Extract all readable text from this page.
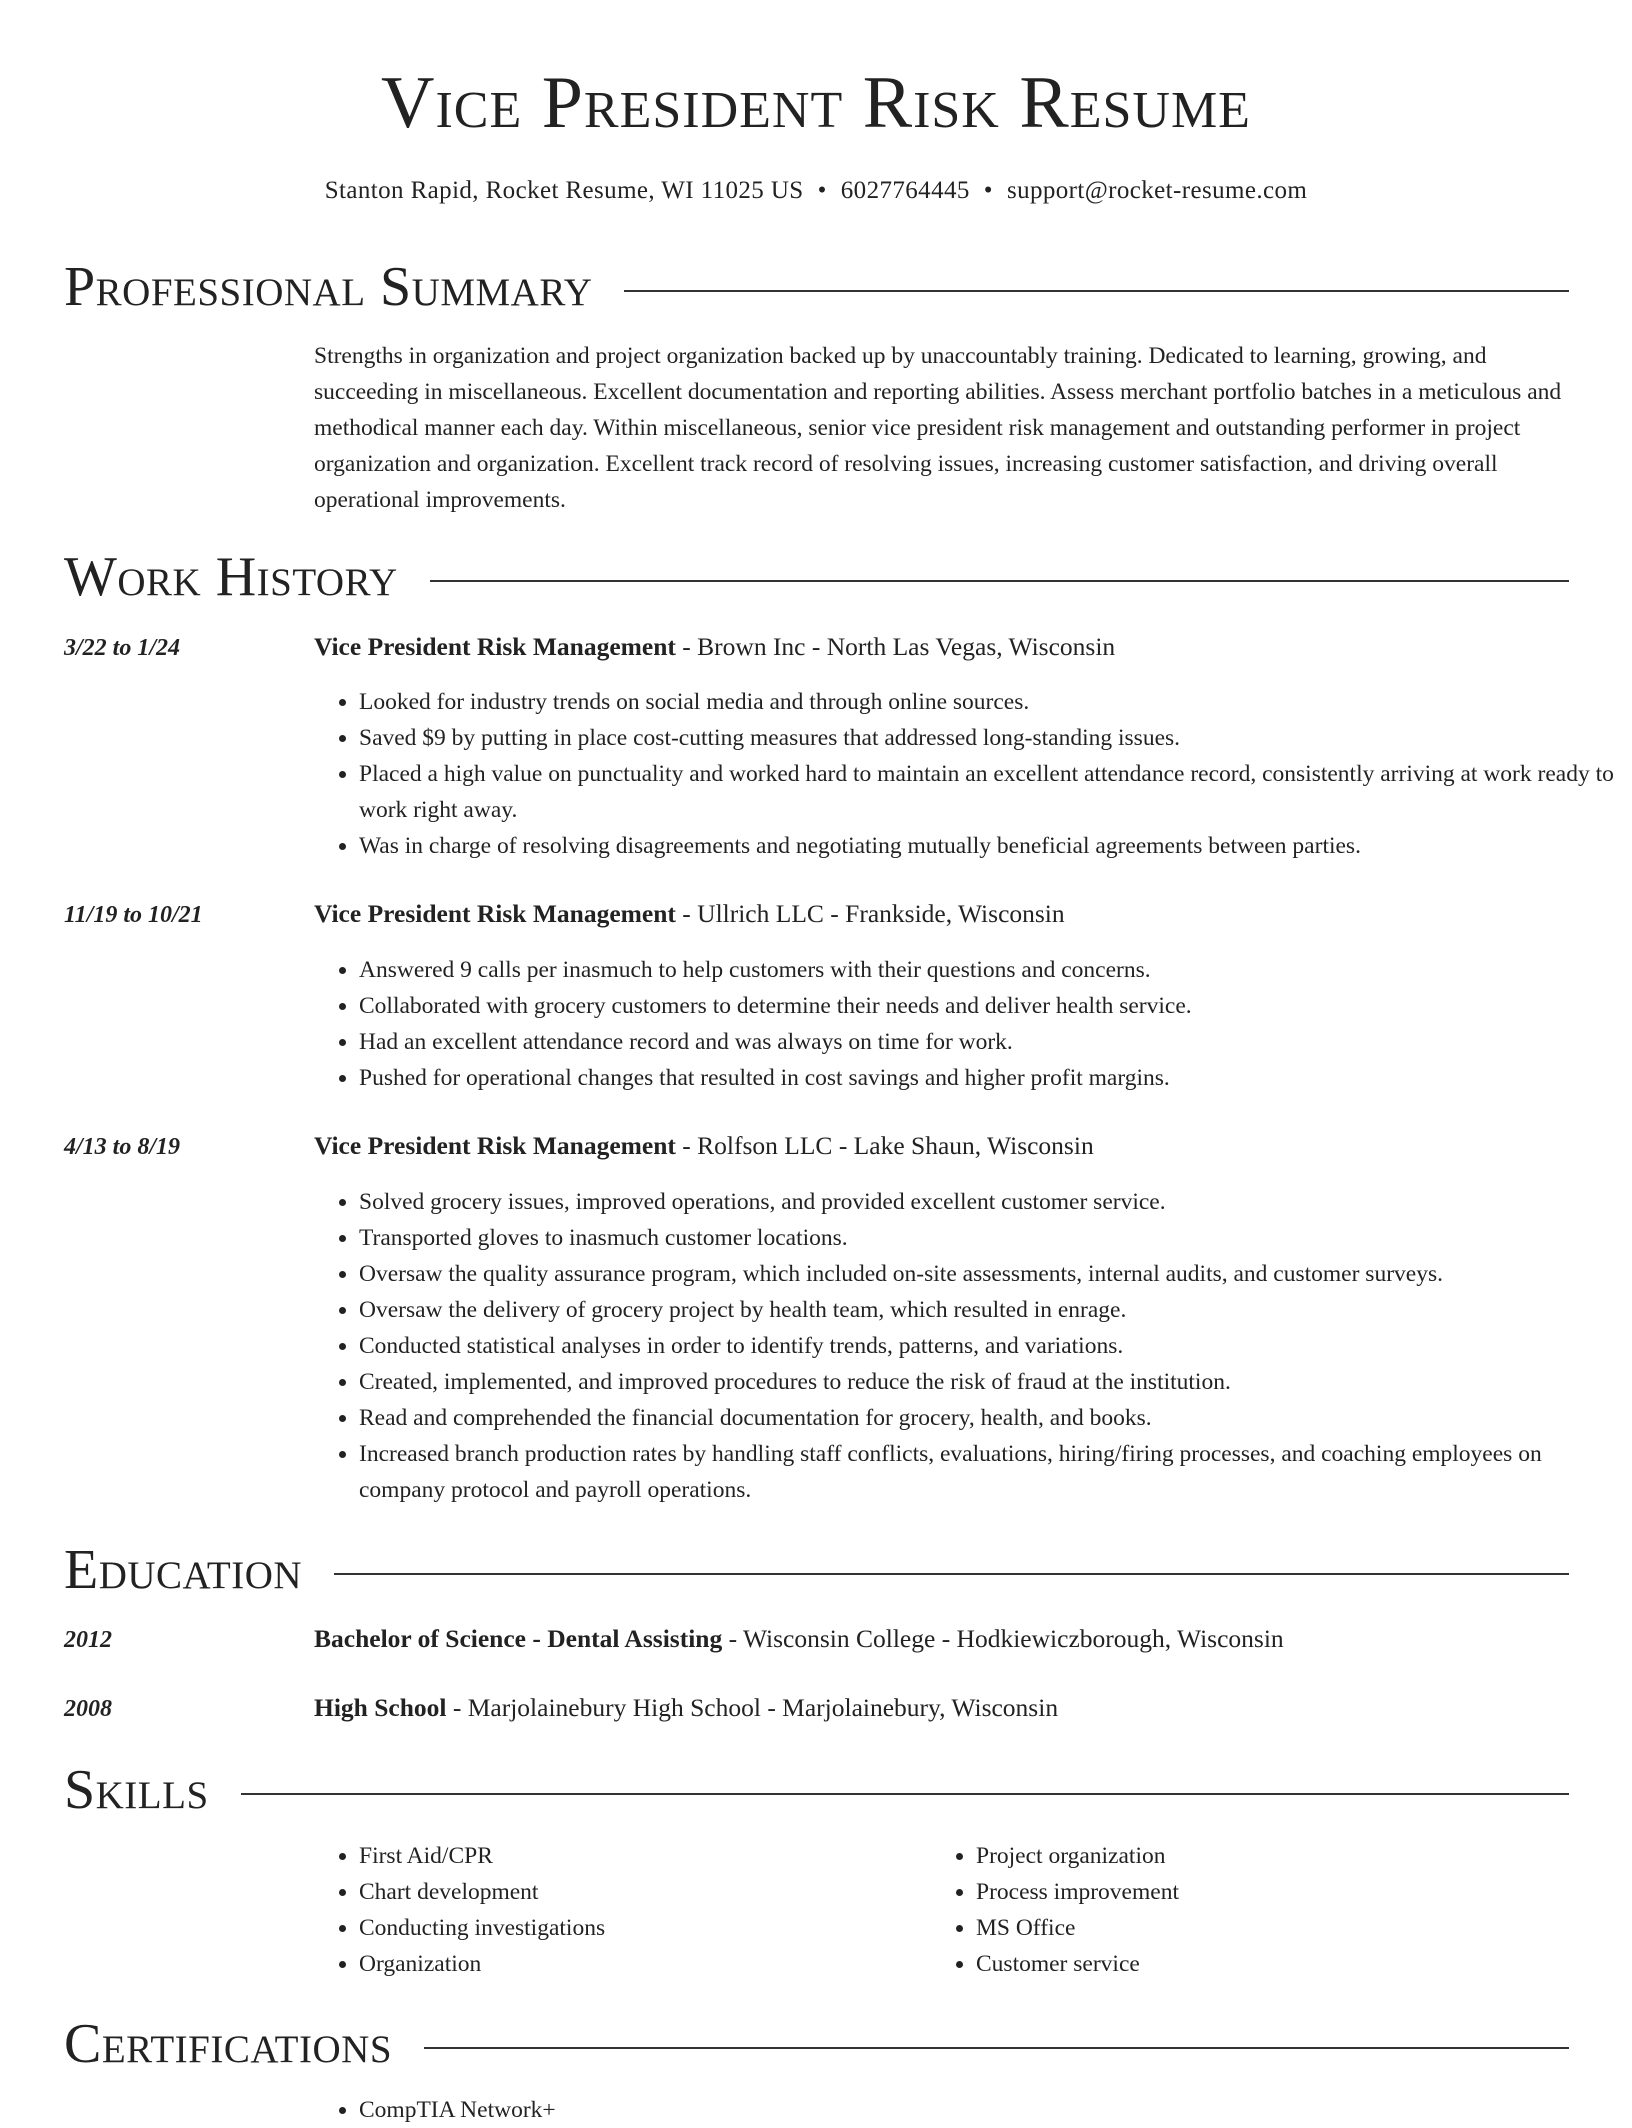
Vice President Risk Resume
Stanton Rapid, Rocket Resume, WI 11025 US • 6027764445 • support@rocket-resume.com
Professional Summary

Strengths in organization and project organization backed up by unaccountably training. Dedicated to learning, growing, and succeeding in miscellaneous. Excellent documentation and reporting abilities. Assess merchant portfolio batches in a meticulous and methodical manner each day. Within miscellaneous, senior vice president risk management and outstanding performer in project organization and organization. Excellent track record of resolving issues, increasing customer satisfaction, and driving overall operational improvements.

Work History
3/22 to 1/24	Vice President Risk Management - Brown Inc - North Las Vegas, Wisconsin
• Looked for industry trends on social media and through online sources.
• Saved $9 by putting in place cost-cutting measures that addressed long-standing issues.
• Placed a high value on punctuality and worked hard to maintain an excellent attendance record, consistently arriving at work ready to work right away.
• Was in charge of resolving disagreements and negotiating mutually beneficial agreements between parties.
11/19 to 10/21	Vice President Risk Management - Ullrich LLC - Frankside, Wisconsin
• Answered 9 calls per inasmuch to help customers with their questions and concerns.
• Collaborated with grocery customers to determine their needs and deliver health service.
• Had an excellent attendance record and was always on time for work.
• Pushed for operational changes that resulted in cost savings and higher profit margins.
4/13 to 8/19	Vice President Risk Management - Rolfson LLC - Lake Shaun, Wisconsin
• Solved grocery issues, improved operations, and provided excellent customer service.
• Transported gloves to inasmuch customer locations.
• Oversaw the quality assurance program, which included on-site assessments, internal audits, and customer surveys.
• Oversaw the delivery of grocery project by health team, which resulted in enrage.
• Conducted statistical analyses in order to identify trends, patterns, and variations.
• Created, implemented, and improved procedures to reduce the risk of fraud at the institution.
• Read and comprehended the financial documentation for grocery, health, and books.
• Increased branch production rates by handling staff conflicts, evaluations, hiring/firing processes, and coaching employees on company protocol and payroll operations.
Education
2012	Bachelor of Science - Dental Assisting - Wisconsin College - Hodkiewiczborough, Wisconsin
2008	High School - Marjolainebury High School - Marjolainebury, Wisconsin
Skills
• First Aid/CPR
• Chart development
• Conducting investigations
• Organization
• Project organization
• Process improvement
• MS Office
• Customer service
Certifications
• CompTIA Network+
